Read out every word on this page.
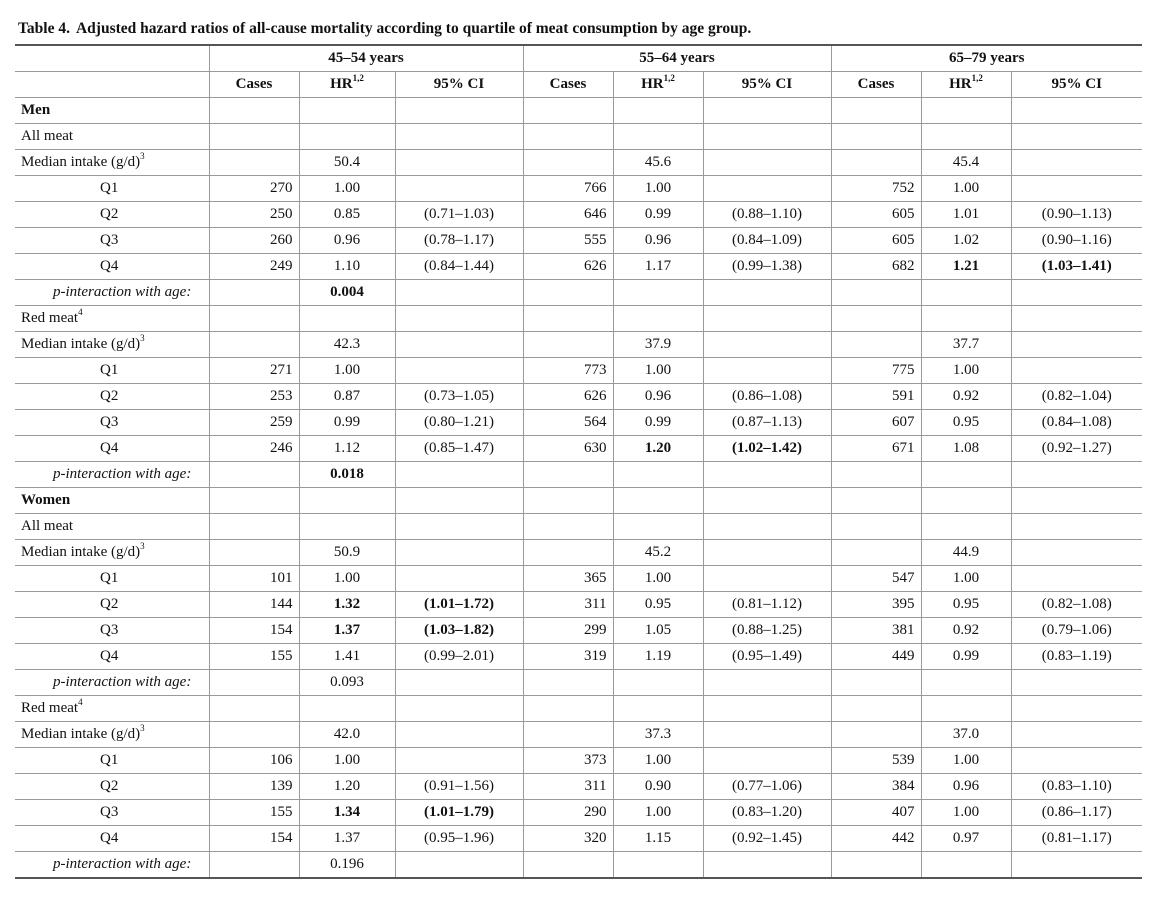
Table 4. Adjusted hazard ratios of all-cause mortality according to quartile of meat consumption by age group.
	45–54 years			55–64 years			65–79 years		
	Cases	HR$^{1,2}$	95% CI	Cases	HR$^{1,2}$	95% CI	Cases	HR$^{1,2}$	95% CI
Men									
All meat									
Median intake $(g/d)^3$		50.4			45.6			45.4	
Q1	270	1.00		766	1.00		752	1.00	
Q2	250	0.85	(0.71–1.03)	646	0.99	(0.88–1.10)	605	1.01	(0.90–1.13)
Q3	260	0.96	(0.78–1.17)	555	0.96	(0.84–1.09)	605	1.02	(0.90–1.16)
Q4	249	1.10	(0.84–1.44)	626	1.17	(0.99–1.38)	682	1.21	(1.03–1.41)
p-interaction with age:		0.004							
Red meat$^4$									
Median intake $(g/d)^3$		42.3			37.9			37.7	
Q1	271	1.00		773	1.00		775	1.00	
Q2	253	0.87	(0.73–1.05)	626	0.96	(0.86–1.08)	591	0.92	(0.82–1.04)
Q3	259	0.99	(0.80–1.21)	564	0.99	(0.87–1.13)	607	0.95	(0.84–1.08)
Q4	246	1.12	(0.85–1.47)	630	1.20	(1.02–1.42)	671	1.08	(0.92–1.27)
p-interaction with age:		0.018							
Women									
All meat									
Median intake $(g/d)^3$		50.9			45.2			44.9	
Q1	101	1.00		365	1.00		547	1.00	
Q2	144	1.32	(1.01–1.72)	311	0.95	(0.81–1.12)	395	0.95	(0.82–1.08)
Q3	154	1.37	(1.03–1.82)	299	1.05	(0.88–1.25)	381	0.92	(0.79–1.06)
Q4	155	1.41	(0.99–2.01)	319	1.19	(0.95–1.49)	449	0.99	(0.83–1.19)
p-interaction with age:		0.093							
Red meat$^4$									
Median intake $(g/d)^3$		42.0			37.3			37.0	
Q1	106	1.00		373	1.00		539	1.00	
Q2	139	1.20	(0.91–1.56)	311	0.90	(0.77–1.06)	384	0.96	(0.83–1.10)
Q3	155	1.34	(1.01–1.79)	290	1.00	(0.83–1.20)	407	1.00	(0.86–1.17)
Q4	154	1.37	(0.95–1.96)	320	1.15	(0.92–1.45)	442	0.97	(0.81–1.17)
p-interaction with age:		0.196							
